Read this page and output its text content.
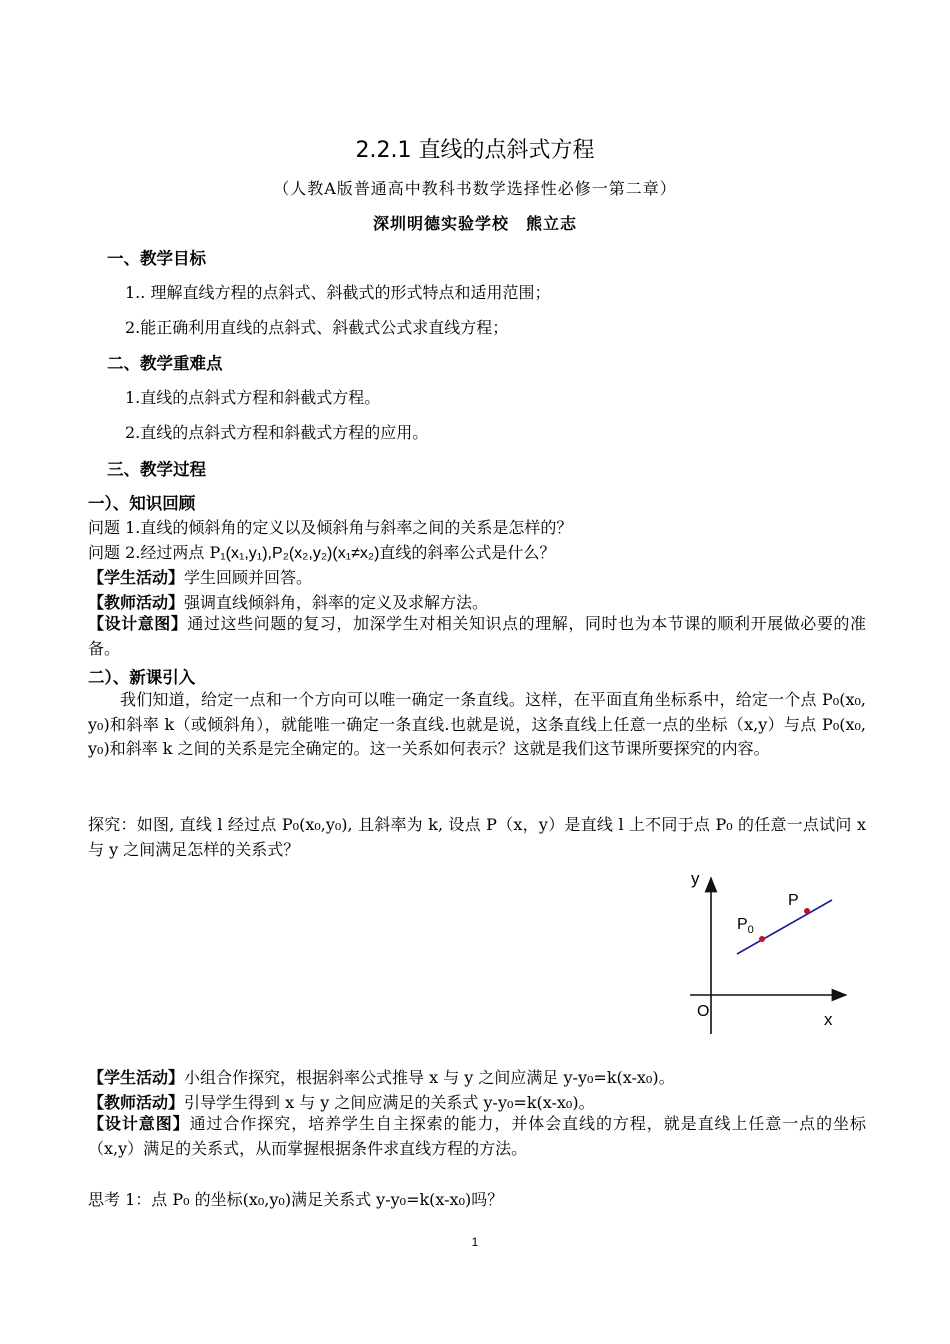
2.2.1 直线的点斜式方程
（人教A版普通高中教科书数学选择性必修一第二章）
深圳明德实验学校　熊立志
一、教学目标
1.. 理解直线方程的点斜式、斜截式的形式特点和适用范围；
2.能正确利用直线的点斜式、斜截式公式求直线方程；
二、教学重难点
1.直线的点斜式方程和斜截式方程。
2.直线的点斜式方程和斜截式方程的应用。
三、教学过程
一）、知识回顾
问题 1.直线的倾斜角的定义以及倾斜角与斜率之间的关系是怎样的？
问题 2.经过两点 P₁(x₁,y₁),P₂(x₂,y₂)(x₁≠x₂)直线的斜率公式是什么？
【学生活动】学生回顾并回答。
【教师活动】强调直线倾斜角，斜率的定义及求解方法。
【设计意图】通过这些问题的复习，加深学生对相关知识点的理解，同时也为本节课的顺利开展做必要的准备。
二）、新课引入
我们知道，给定一点和一个方向可以唯一确定一条直线。这样，在平面直角坐标系中，给定一个点 P₀(x₀, y₀)和斜率 k（或倾斜角），就能唯一确定一条直线.也就是说，这条直线上任意一点的坐标（x,y）与点 P₀(x₀, y₀)和斜率 k 之间的关系是完全确定的。这一关系如何表示？这就是我们这节课所要探究的内容。
探究：如图, 直线 l 经过点 P₀(x₀,y₀), 且斜率为 k, 设点 P（x，y）是直线 l 上不同于点 P₀ 的任意一点试问 x 与 y 之间满足怎样的关系式？
y
x
O
P
$P_0$
【学生活动】小组合作探究，根据斜率公式推导 x 与 y 之间应满足 y-y₀=k(x-x₀)。
【教师活动】引导学生得到 x 与 y 之间应满足的关系式 y-y₀=k(x-x₀)。
【设计意图】通过合作探究，培养学生自主探索的能力，并体会直线的方程，就是直线上任意一点的坐标（x,y）满足的关系式，从而掌握根据条件求直线方程的方法。
思考 1：点 P₀ 的坐标(x₀,y₀)满足关系式 y-y₀=k(x-x₀)吗？
1
